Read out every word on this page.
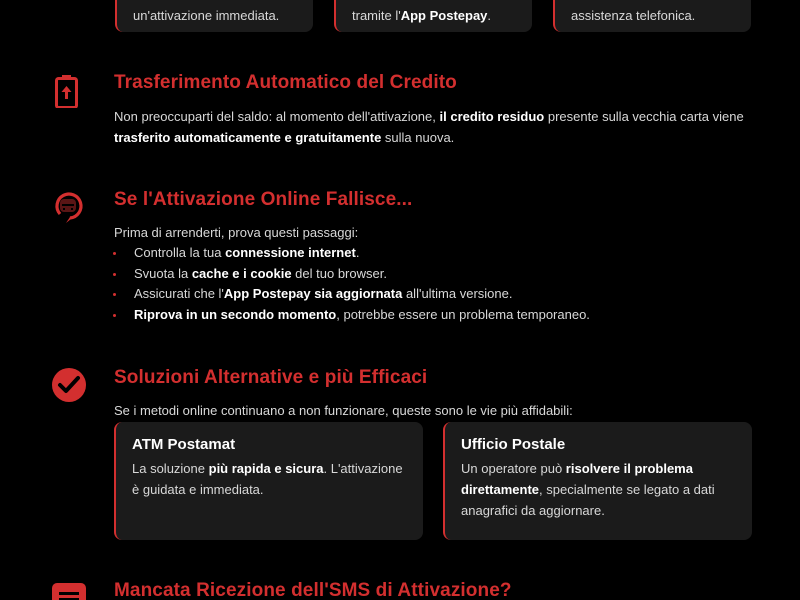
un'attivazione immediata.	tramite l'App Postepay.	assistenza telefonica.

Trasferimento Automatico del Credito

Non preoccuparti del saldo: al momento dell'attivazione, il credito residuo presente sulla vecchia carta viene trasferito automaticamente e gratuitamente sulla nuova.

Se l'Attivazione Online Fallisce...

Prima di arrenderti, prova questi passaggi:

Controlla la tua connessione internet.
Svuota la cache e i cookie del tuo browser.
Assicurati che l'App Postepay sia aggiornata all'ultima versione.
Riprova in un secondo momento, potrebbe essere un problema temporaneo.
Soluzioni Alternative e più Efficaci

Se i metodi online continuano a non funzionare, queste sono le vie più affidabili:

ATM Postamat

La soluzione più rapida e sicura. L'attivazione è guidata e immediata.

Ufficio Postale

Un operatore può risolvere il problema direttamente, specialmente se legato a dati anagrafici da aggiornare.

Mancata Ricezione dell'SMS di Attivazione?
